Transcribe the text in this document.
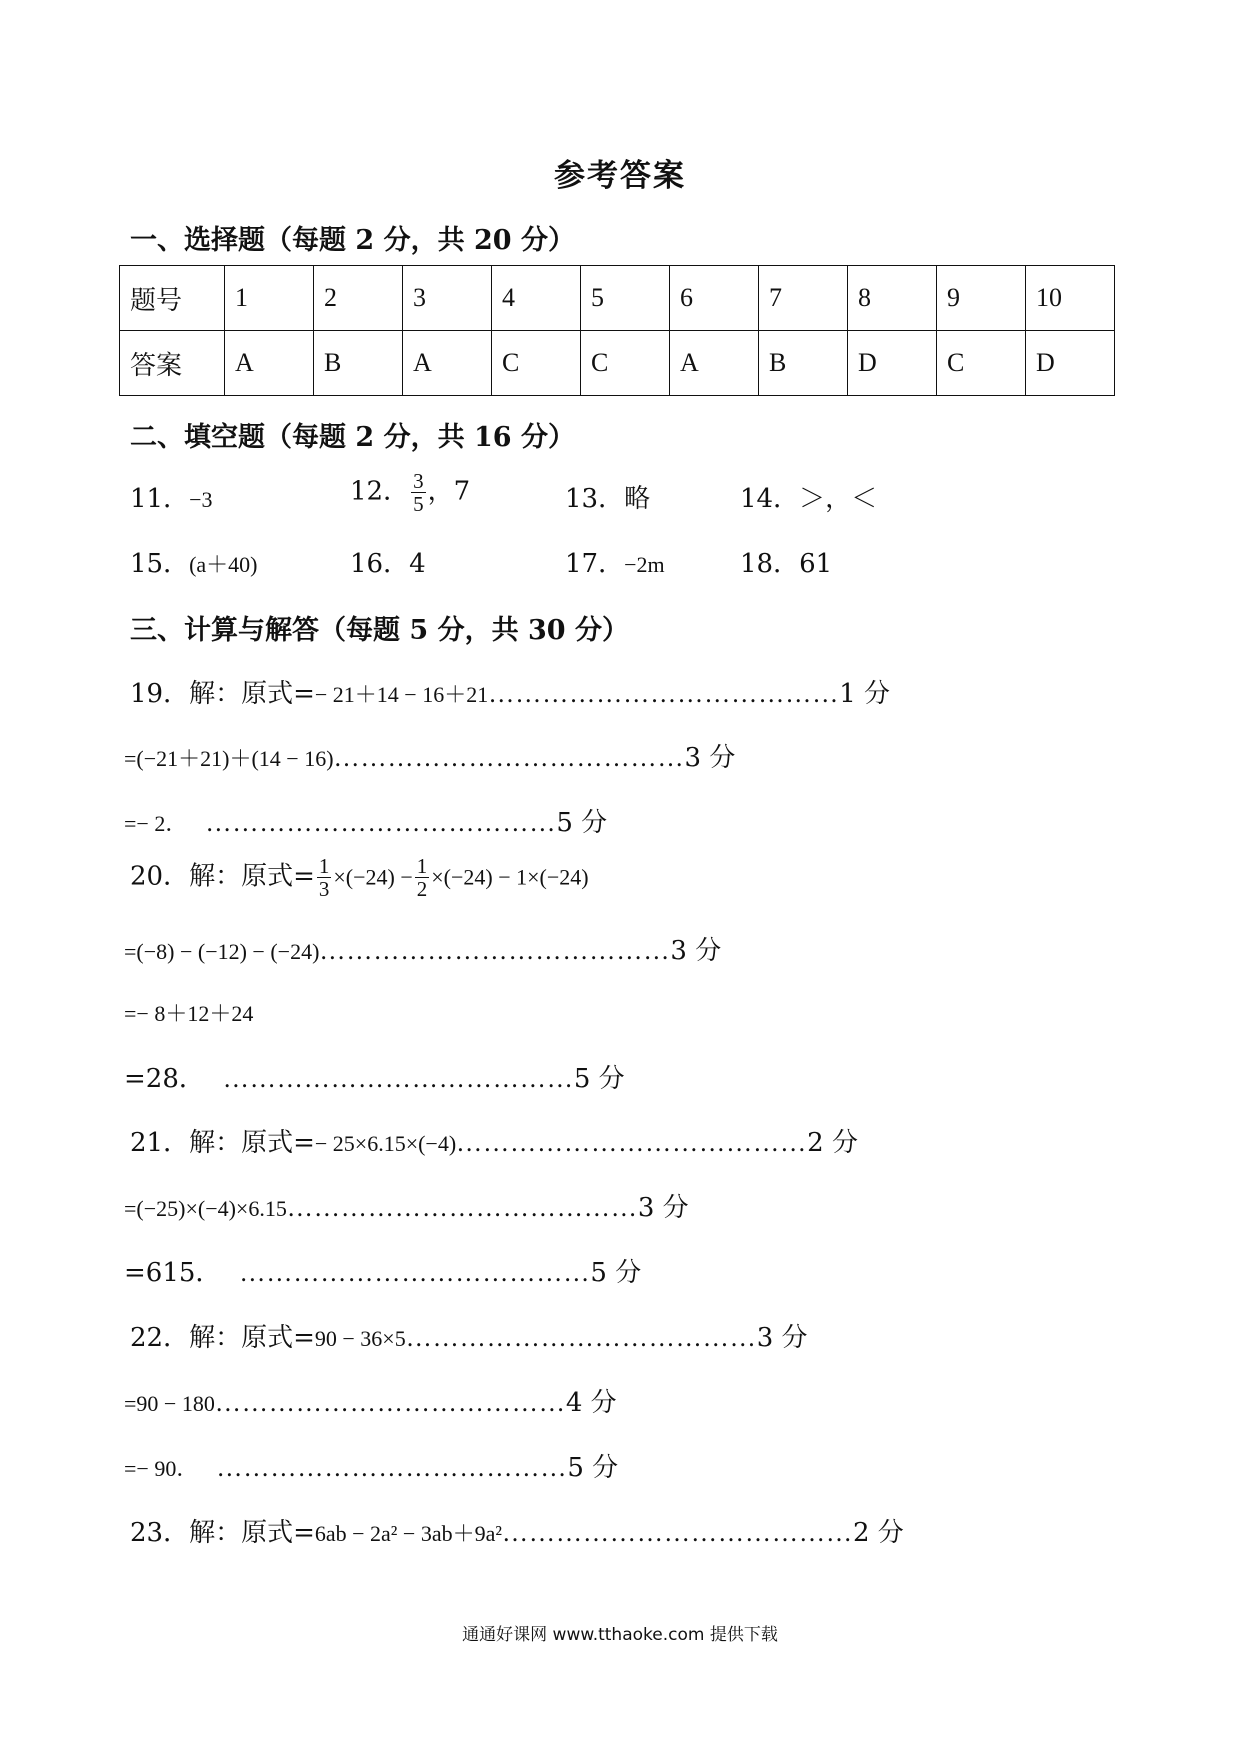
参考答案
一、选择题（每题 2 分，共 20 分）
题号	1	2	3	4	5	6	7	8	9	10
答案	A	B	A	C	C	A	B	D	C	D
二、填空题（每题 2 分，共 16 分）
11．−3	12． $\frac{3}{5}$ ，7	13．略	14．＞，＜
15．(a＋40)	16．4	17．−2m	18．61
三、计算与解答（每题 5 分，共 30 分）
19．解：原式=− 21＋14 − 16＋21…………………………………1 分
=(−21＋21)＋(14 − 16)…………………………………3 分
=− 2． …………………………………5 分
20．解：原式= $\frac{1}{3} \times(-24) - \frac{1}{2} \times(-24) - 1\times(-24)$
=(−8) − (−12) − (−24)…………………………………3 分
=− 8＋12＋24
=28． …………………………………5 分
21．解：原式=− 25×6.15×(−4)…………………………………2 分
=(−25)×(−4)×6.15…………………………………3 分
=615． …………………………………5 分
22．解：原式=90 − 36×5…………………………………3 分
=90 − 180…………………………………4 分
=− 90． …………………………………5 分
23．解：原式=6ab − 2a² − 3ab＋9a²…………………………………2 分
通通好课网 www.tthaoke.com 提供下载
